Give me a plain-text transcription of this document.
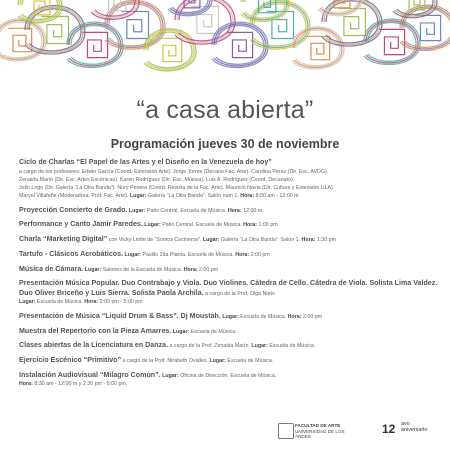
“a casa abierta”
Programación jueves 30 de noviembre
Ciclo de Charlas “El Papel de las Artes y el Diseño en la Venezuela de hoy”
a cargo de los profesores: Edwin García (Coord. Extensión Arte). Jorge Torres (Decano Fac. Arte). Carolina Pérez (Dir. Esc. AVDG).
Zenaida Marín (Dir. Esc. Artes Escénicas). Karen Rodríguez (Dir. Esc. Música). Luis A. Rodríguez (Coord. Decanato).
Julio Logo (Dir. Galería “La Otra Banda”). Nory Pereira (Coord. Revista de la Fac. Arte). Mauricio Navia (Dir. Cultura y Extensión ULA).
Maryel Villafañe (Moderadora, Prof. Fac. Arte). Lugar: Galería “La Otra Banda”. Salón num 1. Hora: 8:00 am - 12:00 m
Proyección Concierto de Grado. Lugar: Patio Central. Escuela de Música. Hora: 12:00 m.
Performance y Canto Jamir Paredes. Lugar: Patio Central. Escuela de Música. Hora: 1:00 pm
Charla “Marketing Digital” con Vicky Liotte de “Somos Cocineros”. Lugar: Galería “La Otra Banda”. Salón 1. Hora: 1:30 pm
Tartufo - Clásicos Acrobáticos. Lugar: Pasillo 2da Planta. Escuela de Música. Hora: 2:00 pm
Música de Cámara. Lugar: Salones de la Escuela de Música. Hora: 2:00 pm
Presentación Música Popular. Duo Contrabajo y Viola. Duo Violines. Cátedra de Cello. Cátedra de Viola. Solista Lima Valdez. Duo Oliver Briceño y Luis Sierra. Solista Paola Archila. a cargo de la Prof. Olga Nieto
Lugar: Escuela de Música. Hora: 2:00 pm - 5:00 pm
Presentación de Música “Liquid Drum & Bass”. Dj Moustah. Lugar: Escuela de Música. Hora: 2:00 pm
Muestra del Repertorio con la Pieza Amarres. Lugar: Escuela de Música.
Clases abiertas de la Licenciatura en Danza. a cargo de la Prof. Zenaida Marín. Lugar: Escuela de Música.
Ejercicio Escénico “Primitivo” a cargo de la Prof. Nirabeth Ovalles. Lugar: Escuela de Música.
Instalación Audiovisual “Milagro Común”. Lugar: Oficina de Dirección, Escuela de Música.
Hora: 8:30 am - 12:00 m y 2:30 pm - 5:00 pm.
FACULTAD DE ARTE
UNIVERSIDAD DE LOS ANDES
12 avo
aniversario
